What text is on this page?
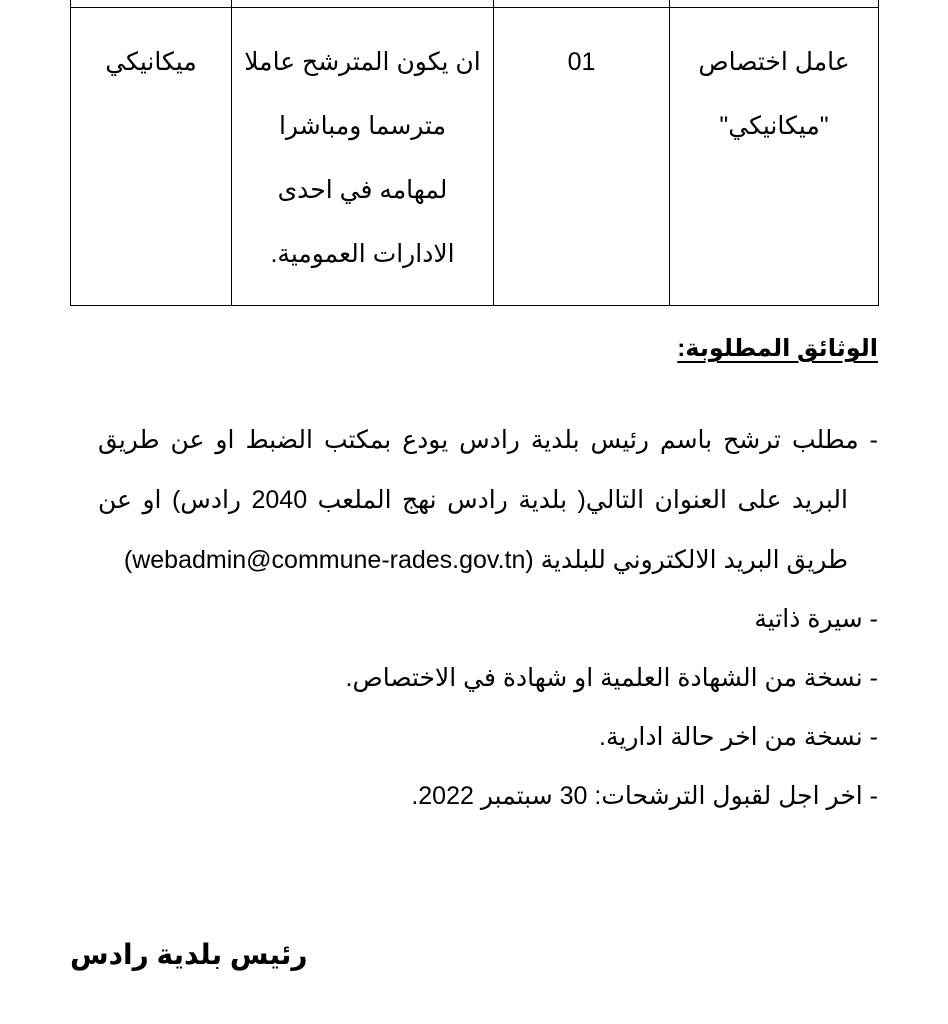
عامل اختصاص "ميكانيكي"	01	ان يكون المترشح عاملا مترسما ومباشرا لمهامه في احدى الادارات العمومية.	ميكانيكي

الوثائق المطلوبة:

- مطلب ترشح باسم رئيس بلدية رادس يودع بمكتب الضبط او عن طريق البريد على العنوان التالي( بلدية رادس نهج الملعب 2040 رادس) او عن طريق البريد الالكتروني للبلدية (webadmin@commune-rades.gov.tn)
- سيرة ذاتية
- نسخة من الشهادة العلمية او شهادة في الاختصاص.
- نسخة من اخر حالة ادارية.
- اخر اجل لقبول الترشحات: 30 سبتمبر 2022.

رئيس بلدية رادس
